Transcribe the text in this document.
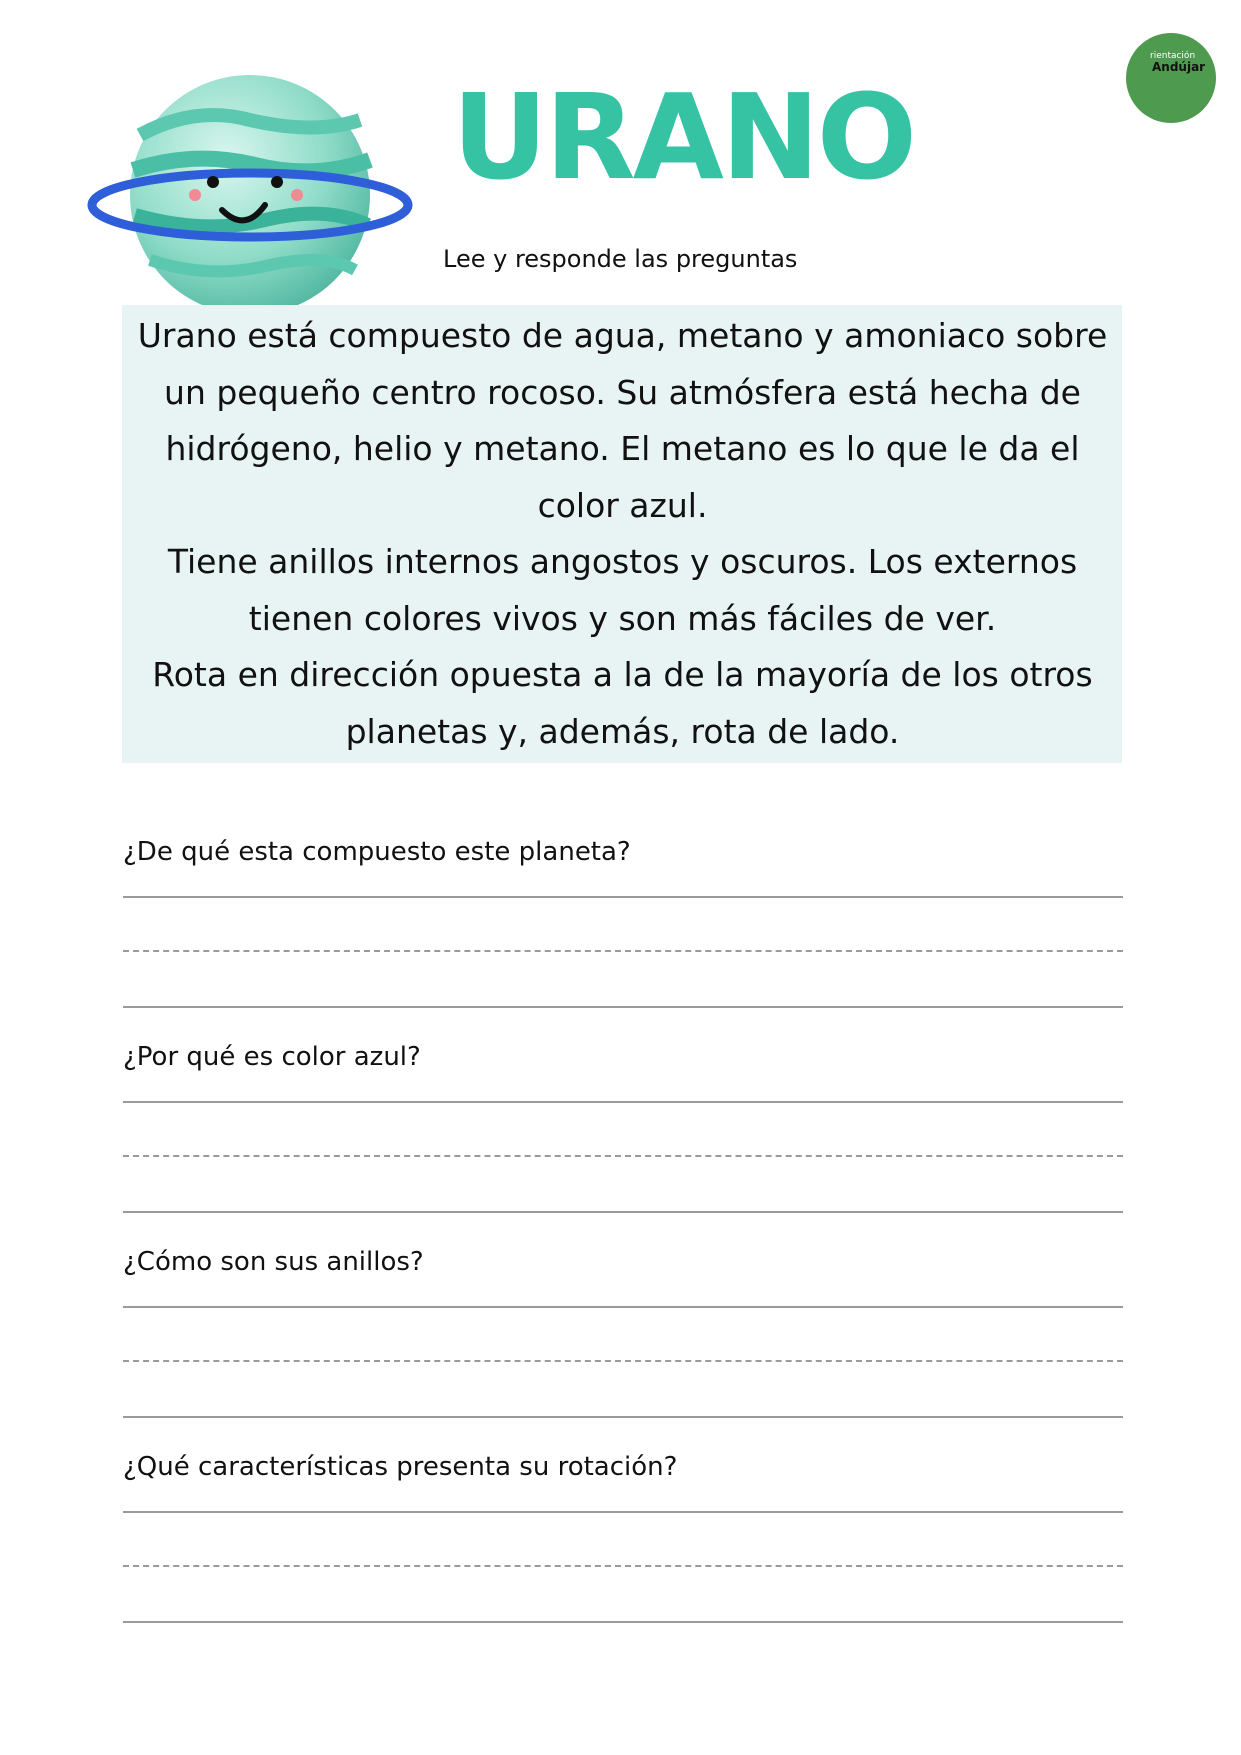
rientación
Andújar
URANO
Lee y responde las preguntas

Urano está compuesto de agua, metano y amoniaco sobre un pequeño centro rocoso. Su atmósfera está hecha de hidrógeno, helio y metano. El metano es lo que le da el color azul.

Tiene anillos internos angostos y oscuros. Los externos tienen colores vivos y son más fáciles de ver.

Rota en dirección opuesta a la de la mayoría de los otros planetas y, además, rota de lado.

¿De qué esta compuesto este planeta?
¿Por qué es color azul?
¿Cómo son sus anillos?
¿Qué características presenta su rotación?
